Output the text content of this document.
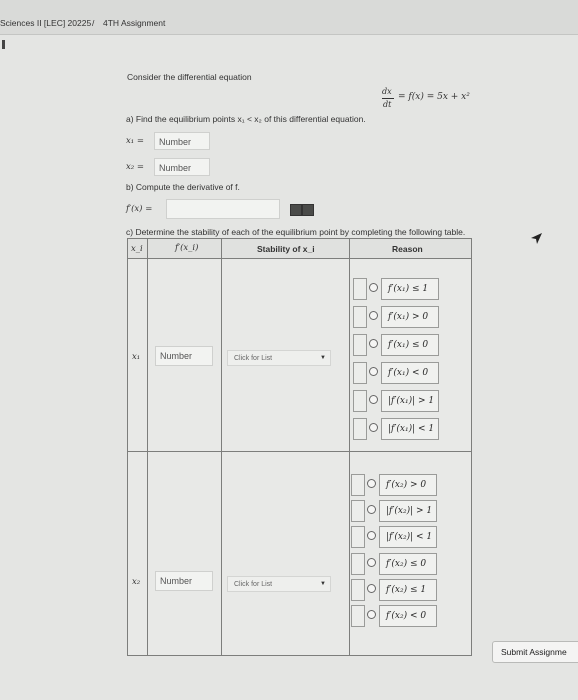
Sciences II [LEC] 20225 / 4TH Assignment
Consider the differential equation
dx
dt
= f(x) = 5x + x²
a) Find the equilibrium points x₁ < x₂ of this differential equation.
x₁ =	Number
x₂ =	Number
b) Compute the derivative of f.
f′(x) =
c) Determine the stability of each of the equilibrium point by completing the following table.
x_i	f′(x_i)	Stability of x_i	Reason
x₁	Number	Click for List	▼
f′(x₁) ≤ 1
f′(x₁) > 0
f′(x₁) ≤ 0
f′(x₁) < 0
|f′(x₁)| > 1
|f′(x₁)| < 1
x₂	Number	Click for List	▼
f′(x₂) > 0
|f′(x₂)| > 1
|f′(x₂)| < 1
f′(x₂) ≤ 0
f′(x₂) ≤ 1
f′(x₂) < 0
Submit Assignme
